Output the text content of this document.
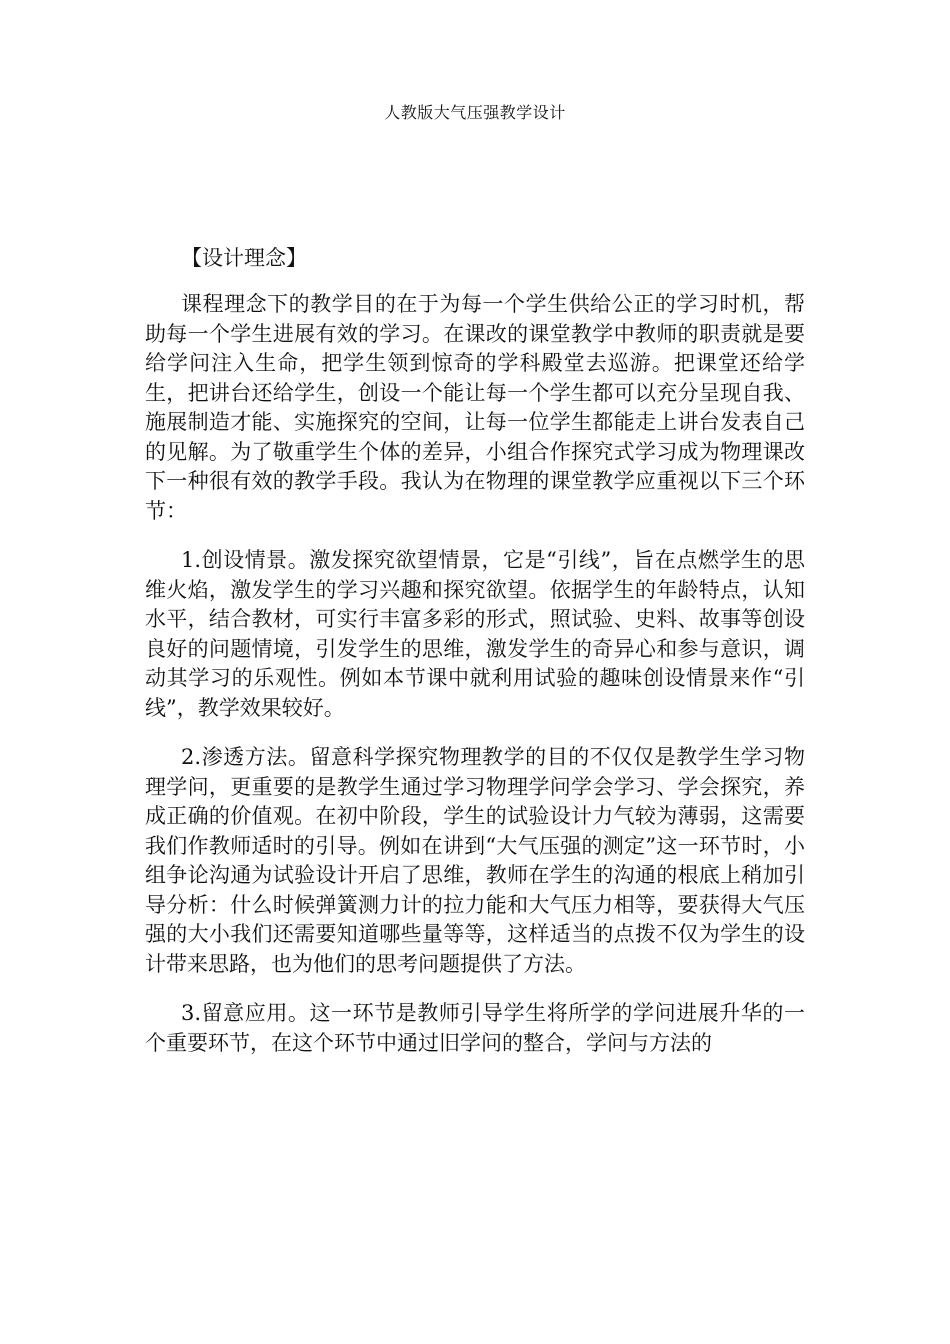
人教版大气压强教学设计
【设计理念】

课程理念下的教学目的在于为每一个学生供给公正的学习时机，帮助每一个学生进展有效的学习。在课改的课堂教学中教师的职责就是要给学问注入生命，把学生领到惊奇的学科殿堂去巡游。把课堂还给学生，把讲台还给学生，创设一个能让每一个学生都可以充分呈现自我、施展制造才能、实施探究的空间，让每一位学生都能走上讲台发表自己的见解。为了敬重学生个体的差异，小组合作探究式学习成为物理课改下一种很有效的教学手段。我认为在物理的课堂教学应重视以下三个环节：

1.创设情景。激发探究欲望情景，它是“引线”，旨在点燃学生的思维火焰，激发学生的学习兴趣和探究欲望。依据学生的年龄特点，认知水平，结合教材，可实行丰富多彩的形式，照试验、史料、故事等创设良好的问题情境，引发学生的思维，激发学生的奇异心和参与意识，调动其学习的乐观性。例如本节课中就利用试验的趣味创设情景来作“引线”，教学效果较好。

2.渗透方法。留意科学探究物理教学的目的不仅仅是教学生学习物理学问，更重要的是教学生通过学习物理学问学会学习、学会探究，养成正确的价值观。在初中阶段，学生的试验设计力气较为薄弱，这需要我们作教师适时的引导。例如在讲到“大气压强的测定”这一环节时，小组争论沟通为试验设计开启了思维，教师在学生的沟通的根底上稍加引导分析：什么时候弹簧测力计的拉力能和大气压力相等，要获得大气压强的大小我们还需要知道哪些量等等，这样适当的点拨不仅为学生的设计带来思路，也为他们的思考问题提供了方法。

3.留意应用。这一环节是教师引导学生将所学的学问进展升华的一个重要环节，在这个环节中通过旧学问的整合，学问与方法的
